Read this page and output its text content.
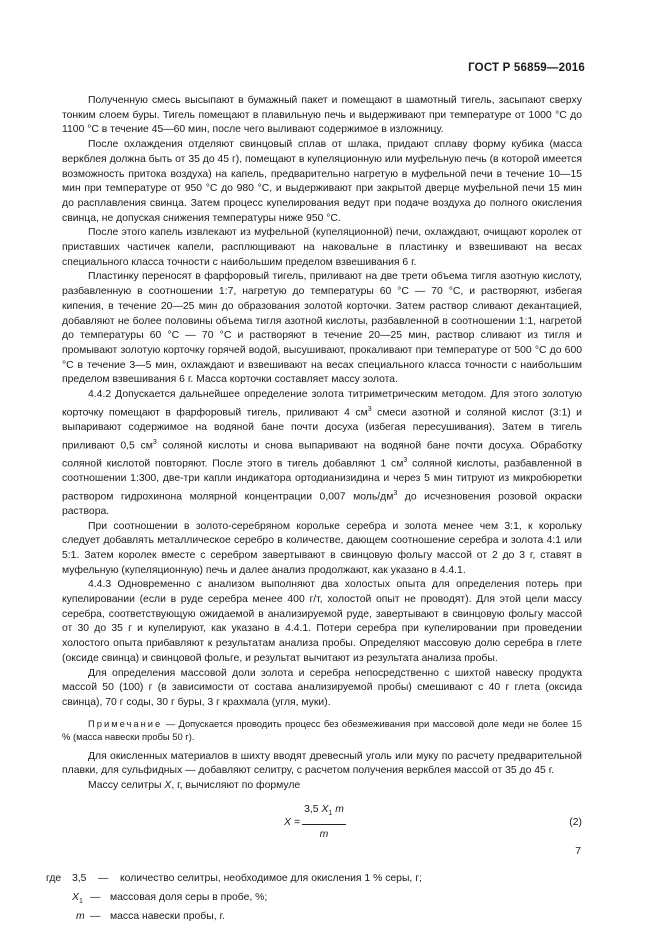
ГОСТ Р 56859—2016

Полученную смесь высыпают в бумажный пакет и помещают в шамотный тигель, засыпают сверху тонким слоем буры. Тигель помещают в плавильную печь и выдерживают при температуре от 1000 °С до 1100 °С в течение 45—60 мин, после чего выливают содержимое в изложницу.

После охлаждения отделяют свинцовый сплав от шлака, придают сплаву форму кубика (масса веркблея должна быть от 35 до 45 г), помещают в купеляционную или муфельную печь (в которой имеется возможность притока воздуха) на капель, предварительно нагретую в муфельной печи в течение 10—15 мин при температуре от 950 °С до 980 °С, и выдерживают при закрытой дверце муфельной печи 15 мин до расплавления свинца. Затем процесс купелирования ведут при подаче воздуха до полного окисления свинца, не допуская снижения температуры ниже 950 °С.

После этого капель извлекают из муфельной (купеляционной) печи, охлаждают, очищают королек от приставших частичек капели, расплющивают на наковальне в пластинку и взвешивают на весах специального класса точности с наибольшим пределом взвешивания 6 г.

Пластинку переносят в фарфоровый тигель, приливают на две трети объема тигля азотную кислоту, разбавленную в соотношении 1:7, нагретую до температуры 60 °С — 70 °С, и растворяют, избегая кипения, в течение 20—25 мин до образования золотой корточки. Затем раствор сливают декантацией, добавляют не более половины объема тигля азотной кислоты, разбавленной в соотношении 1:1, нагретой до температуры 60 °С — 70 °С и растворяют в течение 20—25 мин, раствор сливают из тигля и промывают золотую корточку горячей водой, высушивают, прокаливают при температуре от 500 °С до 600 °С в течение 3—5 мин, охлаждают и взвешивают на весах специального класса точности с наибольшим пределом взвешивания 6 г. Масса корточки составляет массу золота.

4.4.2 Допускается дальнейшее определение золота титриметрическим методом. Для этого золотую корточку помещают в фарфоровый тигель, приливают 4 $см^3$ смеси азотной и соляной кислот (3:1) и выпаривают содержимое на водяной бане почти досуха (избегая пересушивания). Затем в тигель приливают 0,5 $см^3$ соляной кислоты и снова выпаривают на водяной бане почти досуха. Обработку соляной кислотой повторяют. После этого в тигель добавляют 1 $см^3$ соляной кислоты, разбавленной в соотношении 1:300, две-три капли индикатора ортодианизидина и через 5 мин титруют из микробюретки раствором гидрохинона молярной концентрации 0,007 моль/$дм^3$ до исчезновения розовой окраски раствора.

При соотношении в золото-серебряном корольке серебра и золота менее чем 3:1, к корольку следует добавлять металлическое серебро в количестве, дающем соотношение серебра и золота 4:1 или 5:1. Затем королек вместе с серебром завертывают в свинцовую фольгу массой от 2 до 3 г, ставят в муфельную (купеляционную) печь и далее анализ продолжают, как указано в 4.4.1.

4.4.3 Одновременно с анализом выполняют два холостых опыта для определения потерь при купелировании (если в руде серебра менее 400 г/т, холостой опыт не проводят). Для этой цели массу серебра, соответствующую ожидаемой в анализируемой руде, завертывают в свинцовую фольгу массой от 30 до 35 г и купелируют, как указано в 4.4.1. Потери серебра при купелировании при проведении холостого опыта прибавляют к результатам анализа пробы. Определяют массовую долю серебра в глете (оксиде свинца) и свинцовой фольге, и результат вычитают из результата анализа пробы.

Для определения массовой доли золота и серебра непосредственно с шихтой навеску продукта массой 50 (100) г (в зависимости от состава анализируемой пробы) смешивают с 40 г глета (оксида свинца), 70 г соды, 30 г буры, 3 г крахмала (угля, муки).

Примечание — Допускается проводить процесс без обезмеживания при массовой доле меди не более 15 % (масса навески пробы 50 г).

Для окисленных материалов в шихту вводят древесный уголь или муку по расчету предварительной плавки, для сульфидных — добавляют селитру, с расчетом получения веркблея массой от 35 до 45 г.

Массу селитры X, г, вычисляют по формуле

$X = \frac{3,5 X_1 m}{m}$	(2)
где 3,5 — количество селитры, необходимое для окисления 1 % серы, г;
$X_1$ — массовая доля серы в пробе, %;
m — масса навески пробы, г.
7
